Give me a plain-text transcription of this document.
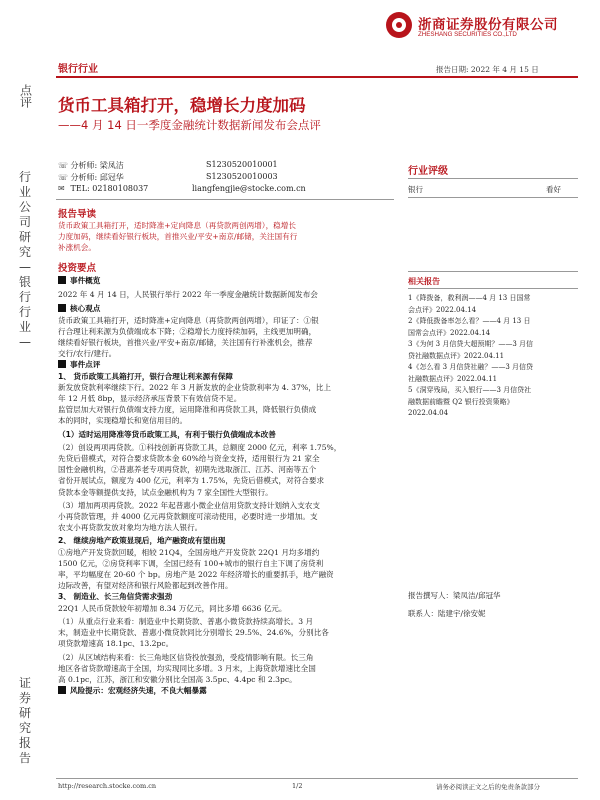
浙商证券股份有限公司
ZHESHANG SECURITIES CO.,LTD
银行行业	报告日期: 2022 年 4 月 15 日
点评
行
业
公
司
研
究
—
银
行
行
业
—
证
券
研
究
报
告
货币工具箱打开，稳增长力度加码
——4 月 14 日一季度金融统计数据新闻发布会点评
☏ 分析师: 梁凤洁	S1230520010001
☏ 分析师: 邱冠华	S1230520010003
✉ TEL: 02180108037	liangfengjie@stocke.com.cn
报告导读
货币政策工具箱打开，适时降准+定向降息（再贷款两创两增），稳增长
力度加码，继续看好银行板块，首推兴业/平安+南京/邮储，关注国有行
补涨机会。
投资要点
事件概览
2022 年 4 月 14 日，人民银行举行 2022 年一季度金融统计数据新闻发布会
核心观点
货币政策工具箱打开，适时降准+定向降息（再贷款两创两增），印证了：①银
行合理让利来源为负债端成本下降；②稳增长力度持续加码，主线更加明确，
继续看好银行板块，首推兴业/平安+南京/邮储，关注国有行补涨机会，推荐
交行/农行/建行。
事件点评
1、 货币政策工具箱打开，银行合理让利来源有保障
新发放贷款利率继续下行。2022 年 3 月新发放的企业贷款利率为 4. 37%，比上
年 12 月低 8bp，显示经济承压背景下有效信贷不足。
监管层加大对银行负债端支持力度，运用降准和再贷款工具，降低银行负债成
本的同时，实现稳增长和宽信用目的。
（1）适时运用降准等货币政策工具，有利于银行负债端成本改善
（2）创设两项再贷款。①科技创新再贷款工具，总额度 2000 亿元，利率 1.75%，
先贷后借模式，对符合要求贷款本金 60%给与资金支持，适用银行为 21 家全
国性金融机构，②普惠养老专项再贷款，初期先选取浙江、江苏、河南等五个
省份开展试点，额度为 400 亿元，利率为 1.75%，先贷后借模式，对符合要求
贷款本金等额提供支持，试点金融机构为 7 家全国性大型银行。
（3）增加两项再贷款。2022 年起普惠小微企业信用贷款支持计划纳入支农支
小再贷款管理，并 4000 亿元再贷款额度可滚动使用，必要时进一步增加。支
农支小再贷款发放对象均为地方法人银行。
2、 继续房地产政策显现后，地产融资成有望出现
①房地产开发贷款回暖，相较 21Q4，全国房地产开发贷款 22Q1 月均多增约
1500 亿元，②房贷利率下调，全国已经有 100+城市的银行自主下调了房贷利
率，平均幅度在 20-60 个 bp。房地产是 2022 年经济增长的重要抓手，地产融资
边际改善，有望对经济和银行风险都起到改善作用。
3、 制造业、长三角信贷需求强劲
22Q1 人民币贷款较年初增加 8.34 万亿元，同比多增 6636 亿元。
（1）从重点行业来看：制造业中长期贷款、普惠小微贷款持续高增长。3 月
末，制造业中长期贷款、普惠小微贷款同比分别增长 29.5%、24.6%，分别比各
项贷款增速高 18.1pc、13.2pc。
（2）从区域结构来看：长三角地区信贷投放强劲，受疫情影响有限。长三角
地区各省贷款增速高于全国，均实现同比多增。3 月末，上海贷款增速比全国
高 0.1pc，江苏，浙江和安徽分别比全国高 3.5pc、4.4pc 和 2.3pc。
风险提示：宏观经济失速，不良大幅暴露
行业评级
银行	看好
相关报告
1《降拨备，救利润——4 月 13 日国常
会点评》2022.04.14
2《降低拨备率怎么看？——4 月 13 日
国常会点评》2022.04.14
3《为何 3 月信贷大超预期？——3 月信
贷社融数据点评》2022.04.11
4《怎么看 3 月信贷社融？——3 月信贷
社融数据点评》2022.04.11
5《洞穿残局，买入银行——3 月信贷社
融数据前瞻暨 Q2 银行投资策略》
2022.04.04
报告撰写人：梁凤洁/邱冠华
联系人：陆建宇/徐安妮
http://research.stocke.com.cn	1/2	请务必阅读正文之后的免责条款部分
